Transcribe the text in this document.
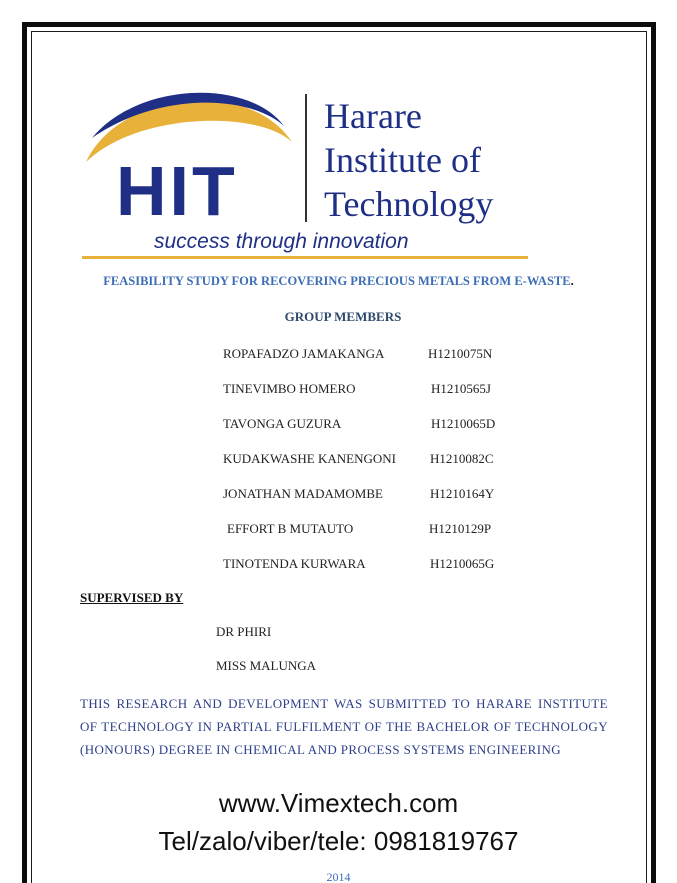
HIT
Harare
Institute of
Technology
success through innovation
FEASIBILITY STUDY FOR RECOVERING PRECIOUS METALS FROM E-WASTE.
GROUP MEMBERS
ROPAFADZO JAMAKANGA	H1210075N
TINEVIMBO HOMERO	H1210565J
TAVONGA GUZURA	H1210065D
KUDAKWASHE KANENGONI	H1210082C
JONATHAN MADAMOMBE	H1210164Y
EFFORT B MUTAUTO	H1210129P
TINOTENDA KURWARA	H1210065G
SUPERVISED BY
DR PHIRI
MISS MALUNGA
THIS RESEARCH AND DEVELOPMENT WAS SUBMITTED TO HARARE INSTITUTE OF TECHNOLOGY IN PARTIAL FULFILMENT OF THE BACHELOR OF TECHNOLOGY (HONOURS) DEGREE IN CHEMICAL AND PROCESS SYSTEMS ENGINEERING
www.Vimextech.com
Tel/zalo/viber/tele: 0981819767
2014
